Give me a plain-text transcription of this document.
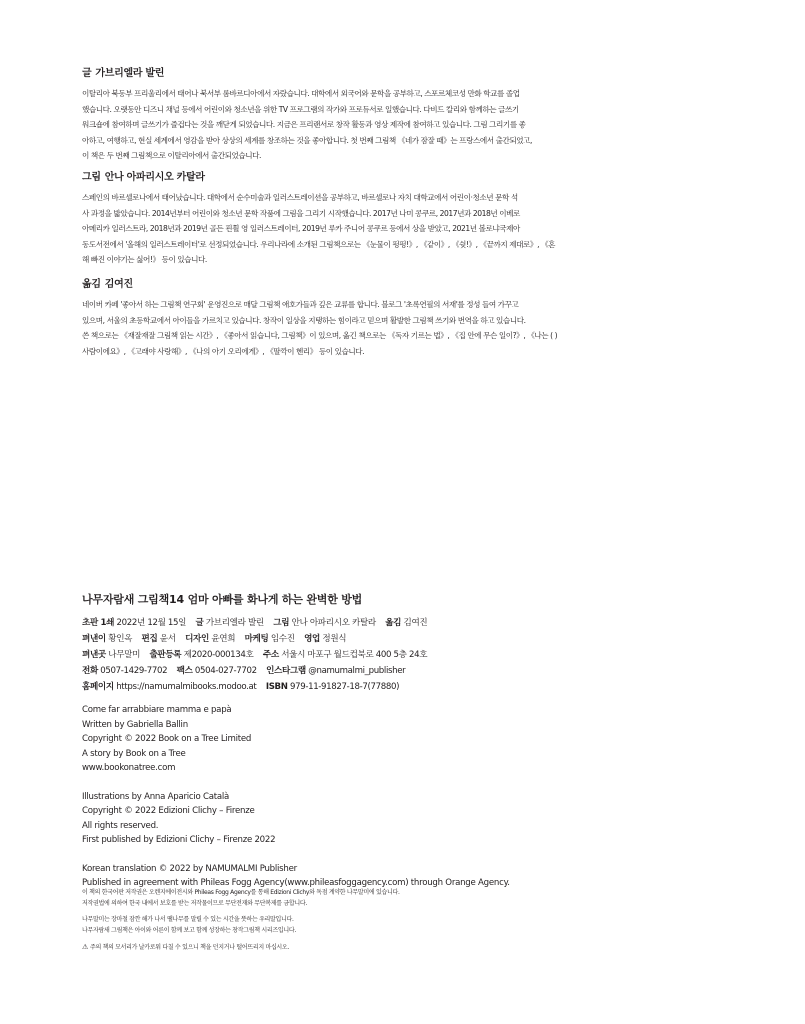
글 가브리엘라 발린

이탈리아 북동부 프리울리에서 태어나 북서부 롬바르디아에서 자랐습니다. 대학에서 외국어와 문학을 공부하고, 스포르체코성 만화 학교를 졸업
했습니다. 오랫동안 디즈니 채널 등에서 어린이와 청소년을 위한 TV 프로그램의 작가와 프로듀서로 일했습니다. 다비드 칼리와 함께하는 글쓰기
워크숍에 참여하며 글쓰기가 즐겁다는 것을 깨닫게 되었습니다. 지금은 프리랜서로 창작 활동과 영상 제작에 참여하고 있습니다. 그림 그리기를 좋
아하고, 여행하고, 현실 세계에서 영감을 받아 상상의 세계를 창조하는 것을 좋아합니다. 첫 번째 그림책 《네가 잠잘 때》는 프랑스에서 출간되었고,
이 책은 두 번째 그림책으로 이탈리아에서 출간되었습니다.

그림 안나 아파리시오 카탈라

스페인의 바르셀로나에서 태어났습니다. 대학에서 순수미술과 일러스트레이션을 공부하고, 바르셀로나 자치 대학교에서 어린이·청소년 문학 석
사 과정을 밟았습니다. 2014년부터 어린이와 청소년 문학 작품에 그림을 그리기 시작했습니다. 2017년 나미 콩쿠르, 2017년과 2018년 이베로
아메리카 일러스트라, 2018년과 2019년 골든 핀휠 영 일러스트레이터, 2019년 루카 주니어 콩쿠르 등에서 상을 받았고, 2021년 볼로냐국제아
동도서전에서 '올해의 일러스트레이터'로 선정되었습니다. 우리나라에 소개된 그림책으로는 《눈물이 펑펑!》, 《같이》, 《쉿!》, 《끝까지 제대로》, 《혼
해 빠진 이야기는 싫어!》 등이 있습니다.

옮김 김여진

네이버 카페 '좋아서 하는 그림책 연구회' 운영진으로 매달 그림책 애호가들과 깊은 교류를 합니다. 블로그 '초록연필의 서재'를 정성 들여 가꾸고
있으며, 서울의 초등학교에서 아이들을 가르치고 있습니다. 창작이 일상을 지탱하는 힘이라고 믿으며 활발한 그림책 쓰기와 번역을 하고 있습니다.
쓴 책으로는 《재잘재잘 그림책 읽는 시간》, 《좋아서 읽습니다, 그림책》이 있으며, 옮긴 책으로는 《독자 기르는 법》, 《집 안에 무슨 일이?》, 《나는 ( )
사람이에요》, 《고래야 사랑해》, 《나의 아기 오리에게》, 《딸깍이 헨리》 등이 있습니다.

나무자람새 그림책14 엄마 아빠를 화나게 하는 완벽한 방법

초판 1쇄 2022년 12월 15일 글 가브리엘라 발린 그림 안나 아파리시오 카탈라 옮김 김여진
펴낸이 황인옥 편집 윤서 디자인 윤연희 마케팅 임수진 영업 정원식
펴낸곳 나무말미 출판등록 제2020-000134호 주소 서울시 마포구 월드컵북로 400 5층 24호
전화 0507-1429-7702 팩스 0504-027-7702 인스타그램 @namumalmi_publisher
홈페이지 https://namumalmibooks.modoo.at ISBN 979-11-91827-18-7(77880)
Come far arrabbiare mamma e papà
Written by Gabriella Ballin
Copyright © 2022 Book on a Tree Limited
A story by Book on a Tree
www.bookonatree.com
Illustrations by Anna Aparicio Català
Copyright © 2022 Edizioni Clichy – Firenze
All rights reserved.
First published by Edizioni Clichy – Firenze 2022
Korean translation © 2022 by NAMUMALMI Publisher
Published in agreement with Phileas Fogg Agency(www.phileasfoggagency.com) through Orange Agency.
이 책의 한국어판 저작권은 오렌지에이전시와 Phileas Fogg Agency를 통해 Edizioni Clichy와 독점 계약한 나무말미에 있습니다.
저작권법에 의하여 한국 내에서 보호를 받는 저작물이므로 무단전재와 무단복제를 금합니다.
나무말미는 장마철 잠깐 해가 나서 땔나무를 말릴 수 있는 시간을 뜻하는 우리말입니다.
나무자람새 그림책은 아이와 어른이 함께 보고 함께 성장하는 창작그림책 시리즈입니다.
⚠ 주의 책의 모서리가 날카로워 다칠 수 있으니 책을 던지거나 떨어뜨리지 마십시오.
